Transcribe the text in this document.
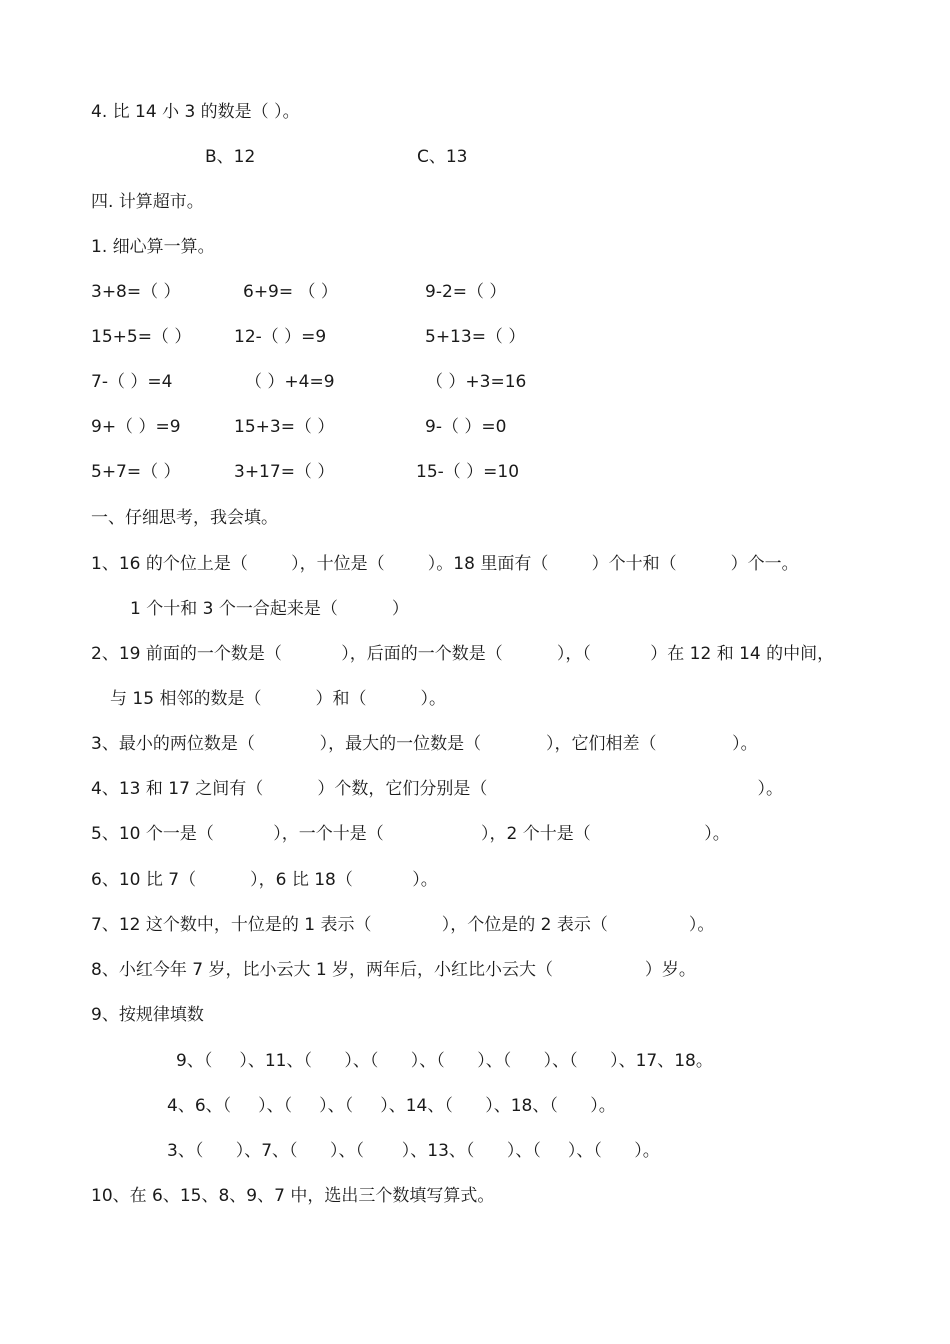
4. 比 14 小 3 的数是（ ）。
B、12	C、13
四. 计算超市。
1. 细心算一算。
3+8=（ ）	6+9= （ ）	9-2=（ ）
15+5=（ ）	12-（ ）=9	5+13=（ ）
7-（ ）=4	（ ）+4=9	（ ）+3=16
9+（ ）=9	15+3=（ ）	9-（ ）=0
5+7=（ ）	3+17=（ ）	15-（ ）=10
一、仔细思考，我会填。
1、16 的个位上是（        ），十位是（        ）。18 里面有（        ）个十和（          ）个一。
1 个十和 3 个一合起来是（          ）
2、19 前面的一个数是（           ），后面的一个数是（          ），（           ）在 12 和 14 的中间，
与 15 相邻的数是（          ）和（          ）。
3、最小的两位数是（            ），最大的一位数是（            ），它们相差（              ）。
4、13 和 17 之间有（          ）个数，它们分别是（                                                  ）。
5、10 个一是（           ），一个十是（                  ），2 个十是（                     ）。
6、10 比 7（          ），6 比 18（           ）。
7、12 这个数中，十位是的 1 表示（             ），个位是的 2 表示（               ）。
8、小红今年 7 岁，比小云大 1 岁，两年后，小红比小云大（                 ）岁。
9、按规律填数
9、（     ）、11、（      ）、（      ）、（      ）、（      ）、（      ）、17、18。
4、6、（     ）、（     ）、（     ）、14、（      ）、18、（      ）。
3、（      ）、7、（      ）、（       ）、13、（      ）、（     ）、（      ）。
10、在 6、15、8、9、7 中，选出三个数填写算式。
